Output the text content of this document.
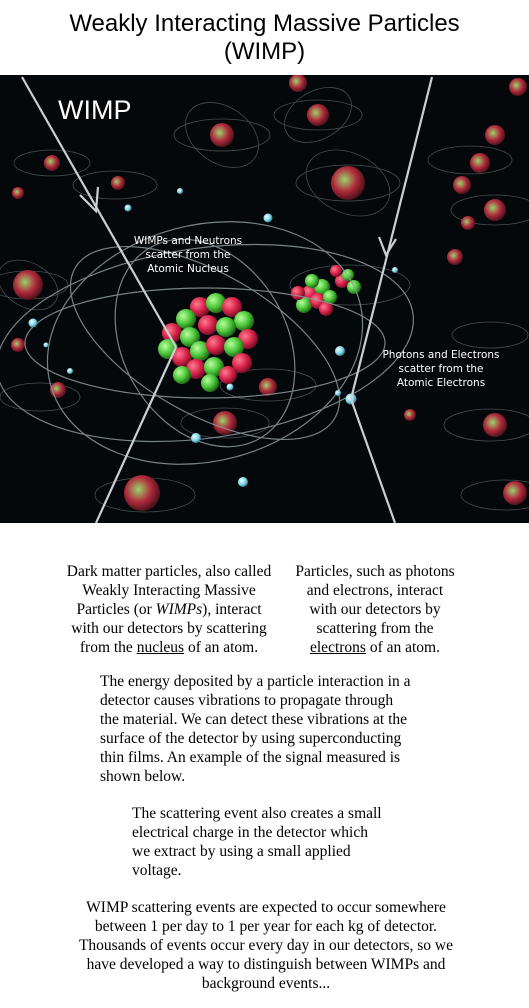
Weakly Interacting Massive Particles
(WIMP)
WIMP
WIMPs and Neutrons
scatter from the
Atomic Nucleus
Photons and Electrons
scatter from the
Atomic Electrons
Dark matter particles, also called
Weakly Interacting Massive
Particles (or WIMPs), interact
with our detectors by scattering
from the nucleus of an atom.
Particles, such as photons
and electrons, interact
with our detectors by
scattering from the
electrons of an atom.
The energy deposited by a particle interaction in a
detector causes vibrations to propagate through
the material. We can detect these vibrations at the
surface of the detector by using superconducting
thin films. An example of the signal measured is
shown below.
The scattering event also creates a small
electrical charge in the detector which
we extract by using a small applied
voltage.
WIMP scattering events are expected to occur somewhere
between 1 per day to 1 per year for each kg of detector.
Thousands of events occur every day in our detectors, so we
have developed a way to distinguish between WIMPs and
background events...
